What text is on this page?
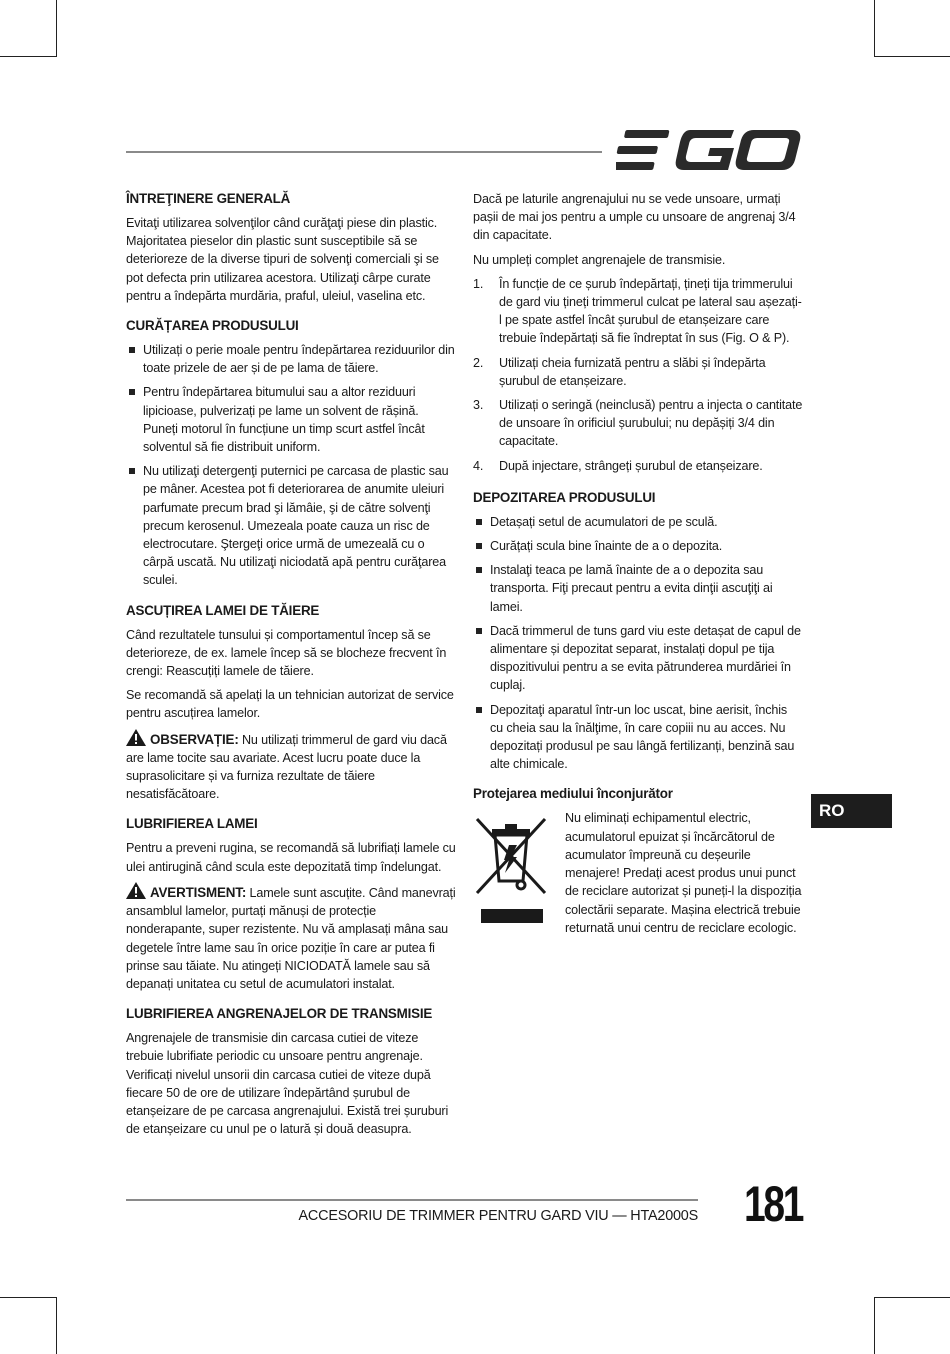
ÎNTREŢINERE GENERALĂ

Evitaţi utilizarea solvenţilor când curăţaţi piese din plastic. Majoritatea pieselor din plastic sunt susceptibile să se deterioreze de la diverse tipuri de solvenţi comerciali şi se pot defecta prin utilizarea acestora. Utilizaţi cârpe curate pentru a îndepărta murdăria, praful, uleiul, vaselina etc.

CURĂȚAREA PRODUSULUI
Utilizați o perie moale pentru îndepărtarea reziduurilor din toate prizele de aer și de pe lama de tăiere.
Pentru îndepărtarea bitumului sau a altor reziduuri lipicioase, pulverizați pe lame un solvent de rășină. Puneți motorul în funcțiune un timp scurt astfel încât solventul să fie distribuit uniform.
Nu utilizaţi detergenţi puternici pe carcasa de plastic sau pe mâner. Acestea pot fi deteriorarea de anumite uleiuri parfumate precum brad şi lămâie, şi de către solvenţi precum kerosenul. Umezeala poate cauza un risc de electrocutare. Ştergeţi orice urmă de umezeală cu o cârpă uscată. Nu utilizaţi niciodată apă pentru curăţarea sculei.
ASCUȚIREA LAMEI DE TĂIERE

Când rezultatele tunsului și comportamentul încep să se deterioreze, de ex. lamele încep să se blocheze frecvent în crengi: Reascuțiți lamele de tăiere.

Se recomandă să apelați la un tehnician autorizat de service pentru ascuțirea lamelor.

OBSERVAȚIE: Nu utilizați trimmerul de gard viu dacă are lame tocite sau avariate. Acest lucru poate duce la suprasolicitare și va furniza rezultate de tăiere nesatisfăcătoare.

LUBRIFIEREA LAMEI

Pentru a preveni rugina, se recomandă să lubrifiați lamele cu ulei antirugină când scula este depozitată timp îndelungat.

AVERTISMENT: Lamele sunt ascuțite. Când manevrați ansamblul lamelor, purtați mănuși de protecție nonderapante, super rezistente. Nu vă amplasați mâna sau degetele între lame sau în orice poziție în care ar putea fi prinse sau tăiate. Nu atingeți NICIODATĂ lamele sau să depanați unitatea cu setul de acumulatori instalat.

LUBRIFIEREA ANGRENAJELOR DE TRANSMISIE

Angrenajele de transmisie din carcasa cutiei de viteze trebuie lubrifiate periodic cu unsoare pentru angrenaje. Verificați nivelul unsorii din carcasa cutiei de viteze după fiecare 50 de ore de utilizare îndepărtând șurubul de etanșeizare de pe carcasa angrenajului. Există trei șuruburi de etanșeizare cu unul pe o latură și două deasupra.

Dacă pe laturile angrenajului nu se vede unsoare, urmați pașii de mai jos pentru a umple cu unsoare de angrenaj 3/4 din capacitate.

Nu umpleți complet angrenajele de transmisie.

1. În funcție de ce șurub îndepărtați, țineți tija trimmerului de gard viu țineți trimmerul culcat pe lateral sau așezați-l pe spate astfel încât șurubul de etanșeizare care trebuie îndepărtați să fie îndreptat în sus (Fig. O & P).
2. Utilizați cheia furnizată pentru a slăbi și îndepărta șurubul de etanșeizare.
3. Utilizați o seringă (neinclusă) pentru a injecta o cantitate de unsoare în orificiul șurubului; nu depășiți 3/4 din capacitate.
4. După injectare, strângeți șurubul de etanșeizare.
DEPOZITAREA PRODUSULUI
Detașați setul de acumulatori de pe sculă.
Curățați scula bine înainte de a o depozita.
Instalaţi teaca pe lamă înainte de a o depozita sau transporta. Fiţi precaut pentru a evita dinţii ascuţiţi ai lamei.
Dacă trimmerul de tuns gard viu este detașat de capul de alimentare și depozitat separat, instalați dopul pe tija dispozitivului pentru a se evita pătrunderea murdăriei în cuplaj.
Depozitaţi aparatul într-un loc uscat, bine aerisit, închis cu cheia sau la înălţime, în care copiii nu au acces. Nu depozitați produsul pe sau lângă fertilizanți, benzină sau alte chimicale.
Protejarea mediului înconjurător

Nu eliminați echipamentul electric, acumulatorul epuizat și încărcătorul de acumulator împreună cu deșeurile menajere! Predați acest produs unui punct de reciclare autorizat și puneți-l la dispoziția colectării separate. Mașina electrică trebuie returnată unui centru de reciclare ecologic.

RO
ACCESORIU DE TRIMMER PENTRU GARD VIU — HTA2000S 181
